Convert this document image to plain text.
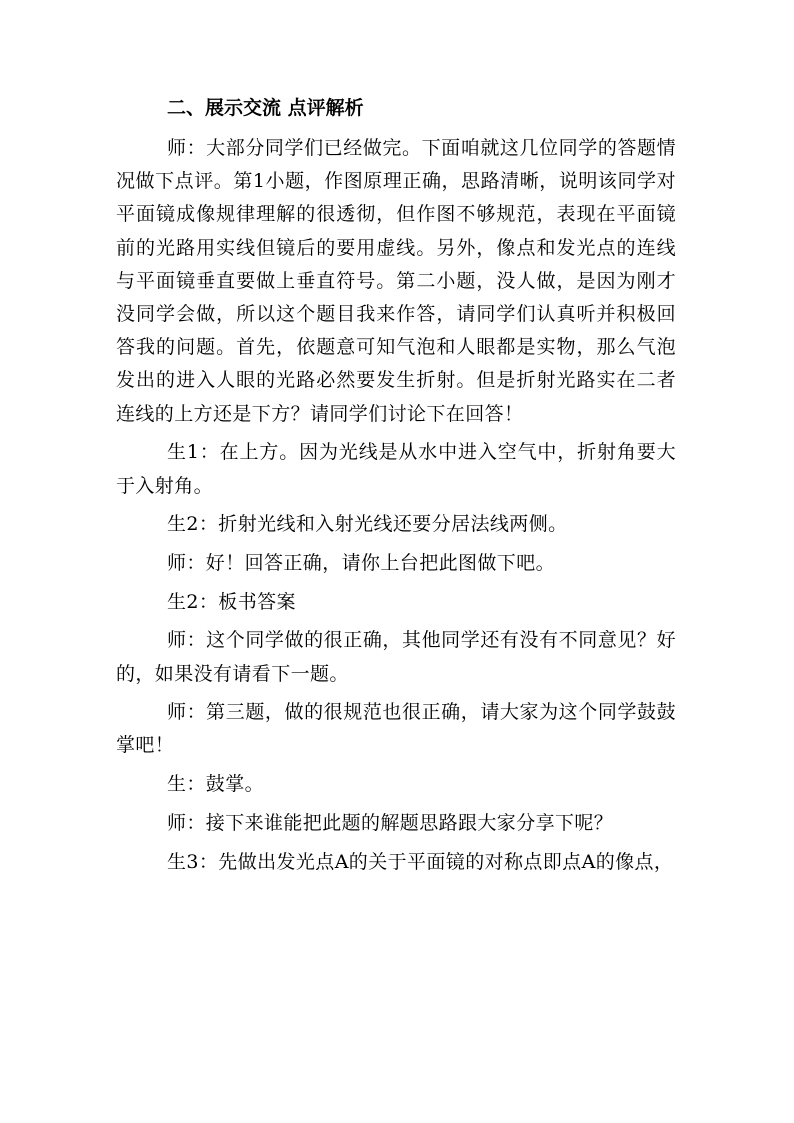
二、展示交流 点评解析

师：大部分同学们已经做完。下面咱就这几位同学的答题情况做下点评。第1小题，作图原理正确，思路清晰，说明该同学对平面镜成像规律理解的很透彻，但作图不够规范，表现在平面镜前的光路用实线但镜后的要用虚线。另外，像点和发光点的连线与平面镜垂直要做上垂直符号。第二小题，没人做，是因为刚才没同学会做，所以这个题目我来作答，请同学们认真听并积极回答我的问题。首先，依题意可知气泡和人眼都是实物，那么气泡发出的进入人眼的光路必然要发生折射。但是折射光路实在二者连线的上方还是下方？请同学们讨论下在回答！

生1：在上方。因为光线是从水中进入空气中，折射角要大于入射角。

生2：折射光线和入射光线还要分居法线两侧。

师：好！回答正确，请你上台把此图做下吧。

生2：板书答案

师：这个同学做的很正确，其他同学还有没有不同意见？好的，如果没有请看下一题。

师：第三题，做的很规范也很正确，请大家为这个同学鼓鼓掌吧！

生：鼓掌。

师：接下来谁能把此题的解题思路跟大家分享下呢？

生3：先做出发光点A的关于平面镜的对称点即点A的像点，
